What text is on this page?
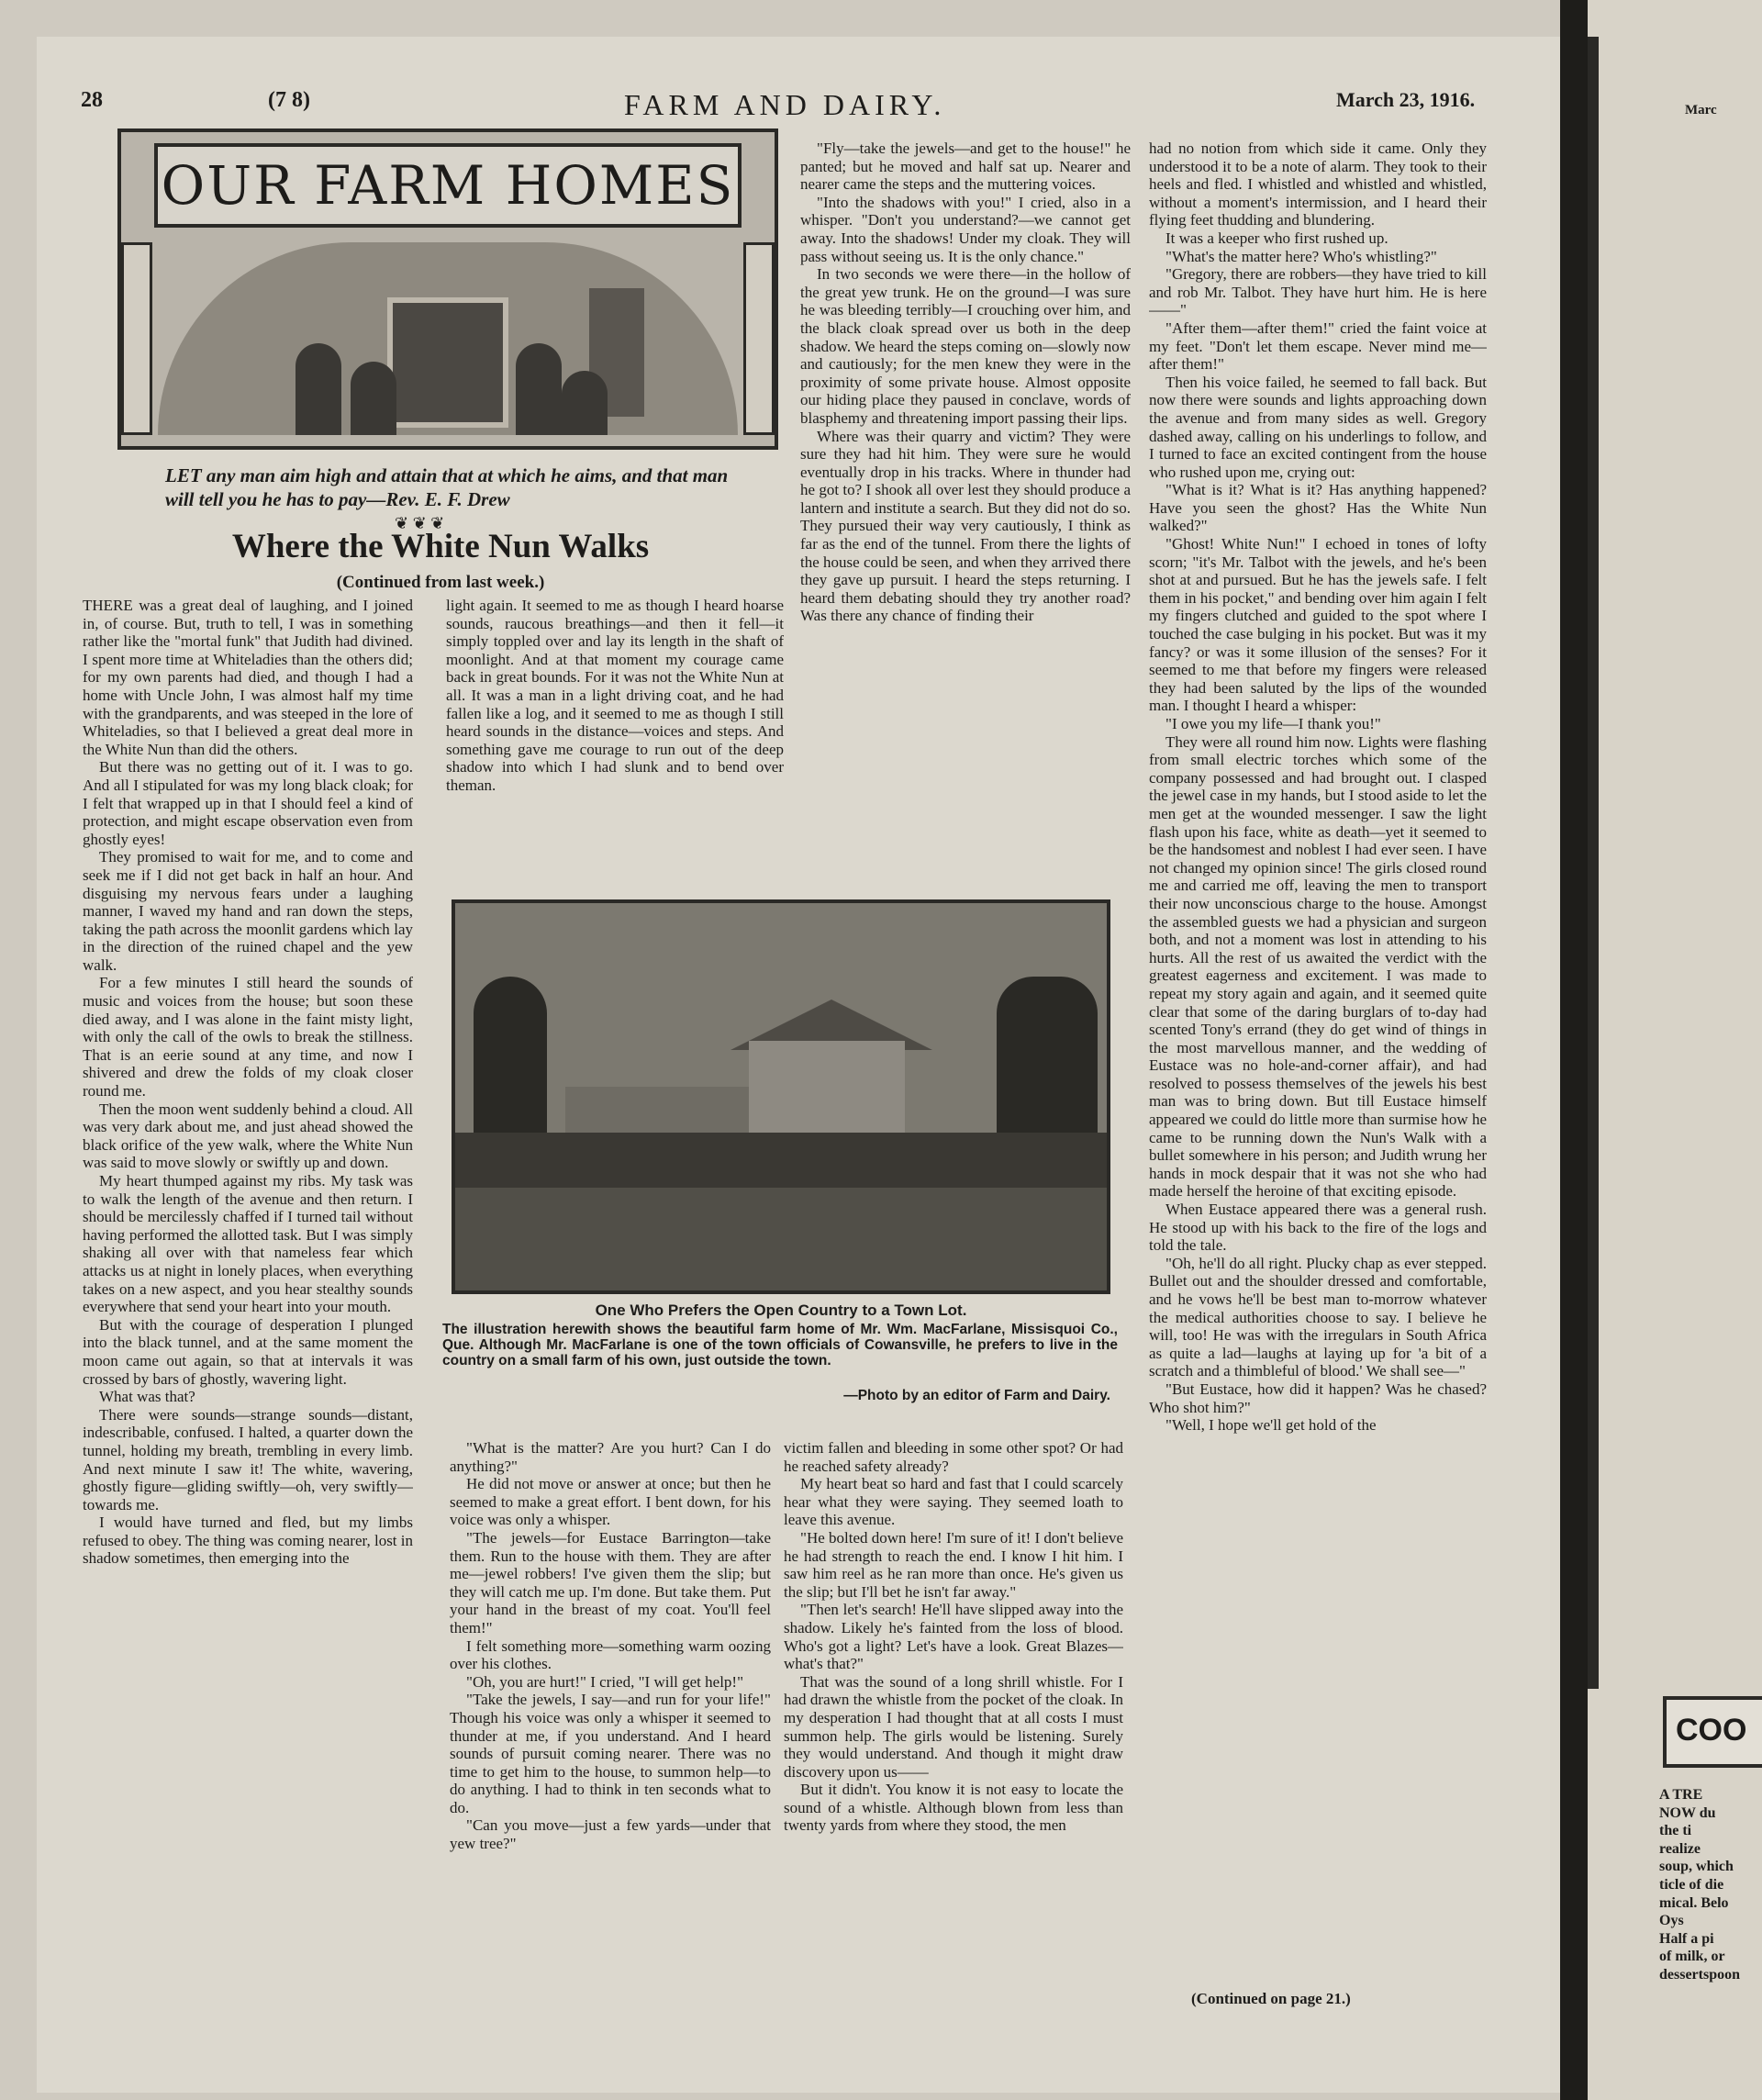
Marc
COO
A TRE
NOW du
the ti
realize
soup, which
ticle of die
mical. Belo
Oys
Half a pi
of milk, or
dessertspoon
28	(7 8)	FARM AND DAIRY.	March 23, 1916.
OUR FARM HOMES
LET any man aim high and attain that at which he aims, and that man will tell you he has to pay—Rev. E. F. Drew
❦ ❦ ❦
Where the White Nun Walks
(Continued from last week.)

THERE was a great deal of laughing, and I joined in, of course. But, truth to tell, I was in something rather like the "mortal funk" that Judith had divined. I spent more time at Whiteladies than the others did; for my own parents had died, and though I had a home with Uncle John, I was almost half my time with the grandparents, and was steeped in the lore of Whiteladies, so that I believed a great deal more in the White Nun than did the others.

But there was no getting out of it. I was to go. And all I stipulated for was my long black cloak; for I felt that wrapped up in that I should feel a kind of protection, and might escape observation even from ghostly eyes!

They promised to wait for me, and to come and seek me if I did not get back in half an hour. And disguising my nervous fears under a laughing manner, I waved my hand and ran down the steps, taking the path across the moonlit gardens which lay in the direction of the ruined chapel and the yew walk.

For a few minutes I still heard the sounds of music and voices from the house; but soon these died away, and I was alone in the faint misty light, with only the call of the owls to break the stillness. That is an eerie sound at any time, and now I shivered and drew the folds of my cloak closer round me.

Then the moon went suddenly behind a cloud. All was very dark about me, and just ahead showed the black orifice of the yew walk, where the White Nun was said to move slowly or swiftly up and down.

My heart thumped against my ribs. My task was to walk the length of the avenue and then return. I should be mercilessly chaffed if I turned tail without having performed the allotted task. But I was simply shaking all over with that nameless fear which attacks us at night in lonely places, when everything takes on a new aspect, and you hear stealthy sounds everywhere that send your heart into your mouth.

But with the courage of desperation I plunged into the black tunnel, and at the same moment the moon came out again, so that at intervals it was crossed by bars of ghostly, wavering light.

What was that?

There were sounds—strange sounds—distant, indescribable, confused. I halted, a quarter down the tunnel, holding my breath, trembling in every limb. And next minute I saw it! The white, wavering, ghostly figure—gliding swiftly—oh, very swiftly—towards me.

I would have turned and fled, but my limbs refused to obey. The thing was coming nearer, lost in shadow sometimes, then emerging into the

light again. It seemed to me as though I heard hoarse sounds, raucous breathings—and then it fell—it simply toppled over and lay its length in the shaft of moonlight. And at that moment my courage came back in great bounds. For it was not the White Nun at all. It was a man in a light driving coat, and he had fallen like a log, and it seemed to me as though I still heard sounds in the distance—voices and steps. And something gave me courage to run out of the deep shadow into which I had slunk and to bend over theman.

"Fly—take the jewels—and get to the house!" he panted; but he moved and half sat up. Nearer and nearer came the steps and the muttering voices.

"Into the shadows with you!" I cried, also in a whisper. "Don't you understand?—we cannot get away. Into the shadows! Under my cloak. They will pass without seeing us. It is the only chance."

In two seconds we were there—in the hollow of the great yew trunk. He on the ground—I was sure he was bleeding terribly—I crouching over him, and the black cloak spread over us both in the deep shadow. We heard the steps coming on—slowly now and cautiously; for the men knew they were in the proximity of some private house. Almost opposite our hiding place they paused in conclave, words of blasphemy and threatening import passing their lips.

Where was their quarry and victim? They were sure they had hit him. They were sure he would eventually drop in his tracks. Where in thunder had he got to? I shook all over lest they should produce a lantern and institute a search. But they did not do so. They pursued their way very cautiously, I think as far as the end of the tunnel. From there the lights of the house could be seen, and when they arrived there they gave up pursuit. I heard the steps returning. I heard them debating should they try another road? Was there any chance of finding their

had no notion from which side it came. Only they understood it to be a note of alarm. They took to their heels and fled. I whistled and whistled and whistled, without a moment's intermission, and I heard their flying feet thudding and blundering.

It was a keeper who first rushed up.

"What's the matter here? Who's whistling?"

"Gregory, there are robbers—they have tried to kill and rob Mr. Talbot. They have hurt him. He is here——"

"After them—after them!" cried the faint voice at my feet. "Don't let them escape. Never mind me—after them!"

Then his voice failed, he seemed to fall back. But now there were sounds and lights approaching down the avenue and from many sides as well. Gregory dashed away, calling on his underlings to follow, and I turned to face an excited contingent from the house who rushed upon me, crying out:

"What is it? What is it? Has anything happened? Have you seen the ghost? Has the White Nun walked?"

"Ghost! White Nun!" I echoed in tones of lofty scorn; "it's Mr. Talbot with the jewels, and he's been shot at and pursued. But he has the jewels safe. I felt them in his pocket," and bending over him again I felt my fingers clutched and guided to the spot where I touched the case bulging in his pocket. But was it my fancy? or was it some illusion of the senses? For it seemed to me that before my fingers were released they had been saluted by the lips of the wounded man. I thought I heard a whisper:

"I owe you my life—I thank you!"

They were all round him now. Lights were flashing from small electric torches which some of the company possessed and had brought out. I clasped the jewel case in my hands, but I stood aside to let the men get at the wounded messenger. I saw the light flash upon his face, white as death—yet it seemed to be the handsomest and noblest I had ever seen. I have not changed my opinion since! The girls closed round me and carried me off, leaving the men to transport their now unconscious charge to the house. Amongst the assembled guests we had a physician and surgeon both, and not a moment was lost in attending to his hurts. All the rest of us awaited the verdict with the greatest eagerness and excitement. I was made to repeat my story again and again, and it seemed quite clear that some of the daring burglars of to-day had scented Tony's errand (they do get wind of things in the most marvellous manner, and the wedding of Eustace was no hole-and-corner affair), and had resolved to possess themselves of the jewels his best man was to bring down. But till Eustace himself appeared we could do little more than surmise how he came to be running down the Nun's Walk with a bullet somewhere in his person; and Judith wrung her hands in mock despair that it was not she who had made herself the heroine of that exciting episode.

When Eustace appeared there was a general rush. He stood up with his back to the fire of the logs and told the tale.

"Oh, he'll do all right. Plucky chap as ever stepped. Bullet out and the shoulder dressed and comfortable, and he vows he'll be best man to-morrow whatever the medical authorities choose to say. I believe he will, too! He was with the irregulars in South Africa as quite a lad—laughs at laying up for 'a bit of a scratch and a thimbleful of blood.' We shall see—"

"But Eustace, how did it happen? Was he chased? Who shot him?"

"Well, I hope we'll get hold of the

One Who Prefers the Open Country to a Town Lot.
The illustration herewith shows the beautiful farm home of Mr. Wm. MacFarlane, Missisquoi Co., Que. Although Mr. MacFarlane is one of the town officials of Cowansville, he prefers to live in the country on a small farm of his own, just outside the town.
—Photo by an editor of Farm and Dairy.

"What is the matter? Are you hurt? Can I do anything?"

He did not move or answer at once; but then he seemed to make a great effort. I bent down, for his voice was only a whisper.

"The jewels—for Eustace Barrington—take them. Run to the house with them. They are after me—jewel robbers! I've given them the slip; but they will catch me up. I'm done. But take them. Put your hand in the breast of my coat. You'll feel them!"

I felt something more—something warm oozing over his clothes.

"Oh, you are hurt!" I cried, "I will get help!"

"Take the jewels, I say—and run for your life!" Though his voice was only a whisper it seemed to thunder at me, if you understand. And I heard sounds of pursuit coming nearer. There was no time to get him to the house, to summon help—to do anything. I had to think in ten seconds what to do.

"Can you move—just a few yards—under that yew tree?"

victim fallen and bleeding in some other spot? Or had he reached safety already?

My heart beat so hard and fast that I could scarcely hear what they were saying. They seemed loath to leave this avenue.

"He bolted down here! I'm sure of it! I don't believe he had strength to reach the end. I know I hit him. I saw him reel as he ran more than once. He's given us the slip; but I'll bet he isn't far away."

"Then let's search! He'll have slipped away into the shadow. Likely he's fainted from the loss of blood. Who's got a light? Let's have a look. Great Blazes—what's that?"

That was the sound of a long shrill whistle. For I had drawn the whistle from the pocket of the cloak. In my desperation I had thought that at all costs I must summon help. The girls would be listening. Surely they would understand. And though it might draw discovery upon us——

But it didn't. You know it is not easy to locate the sound of a whistle. Although blown from less than twenty yards from where they stood, the men

(Continued on page 21.)
